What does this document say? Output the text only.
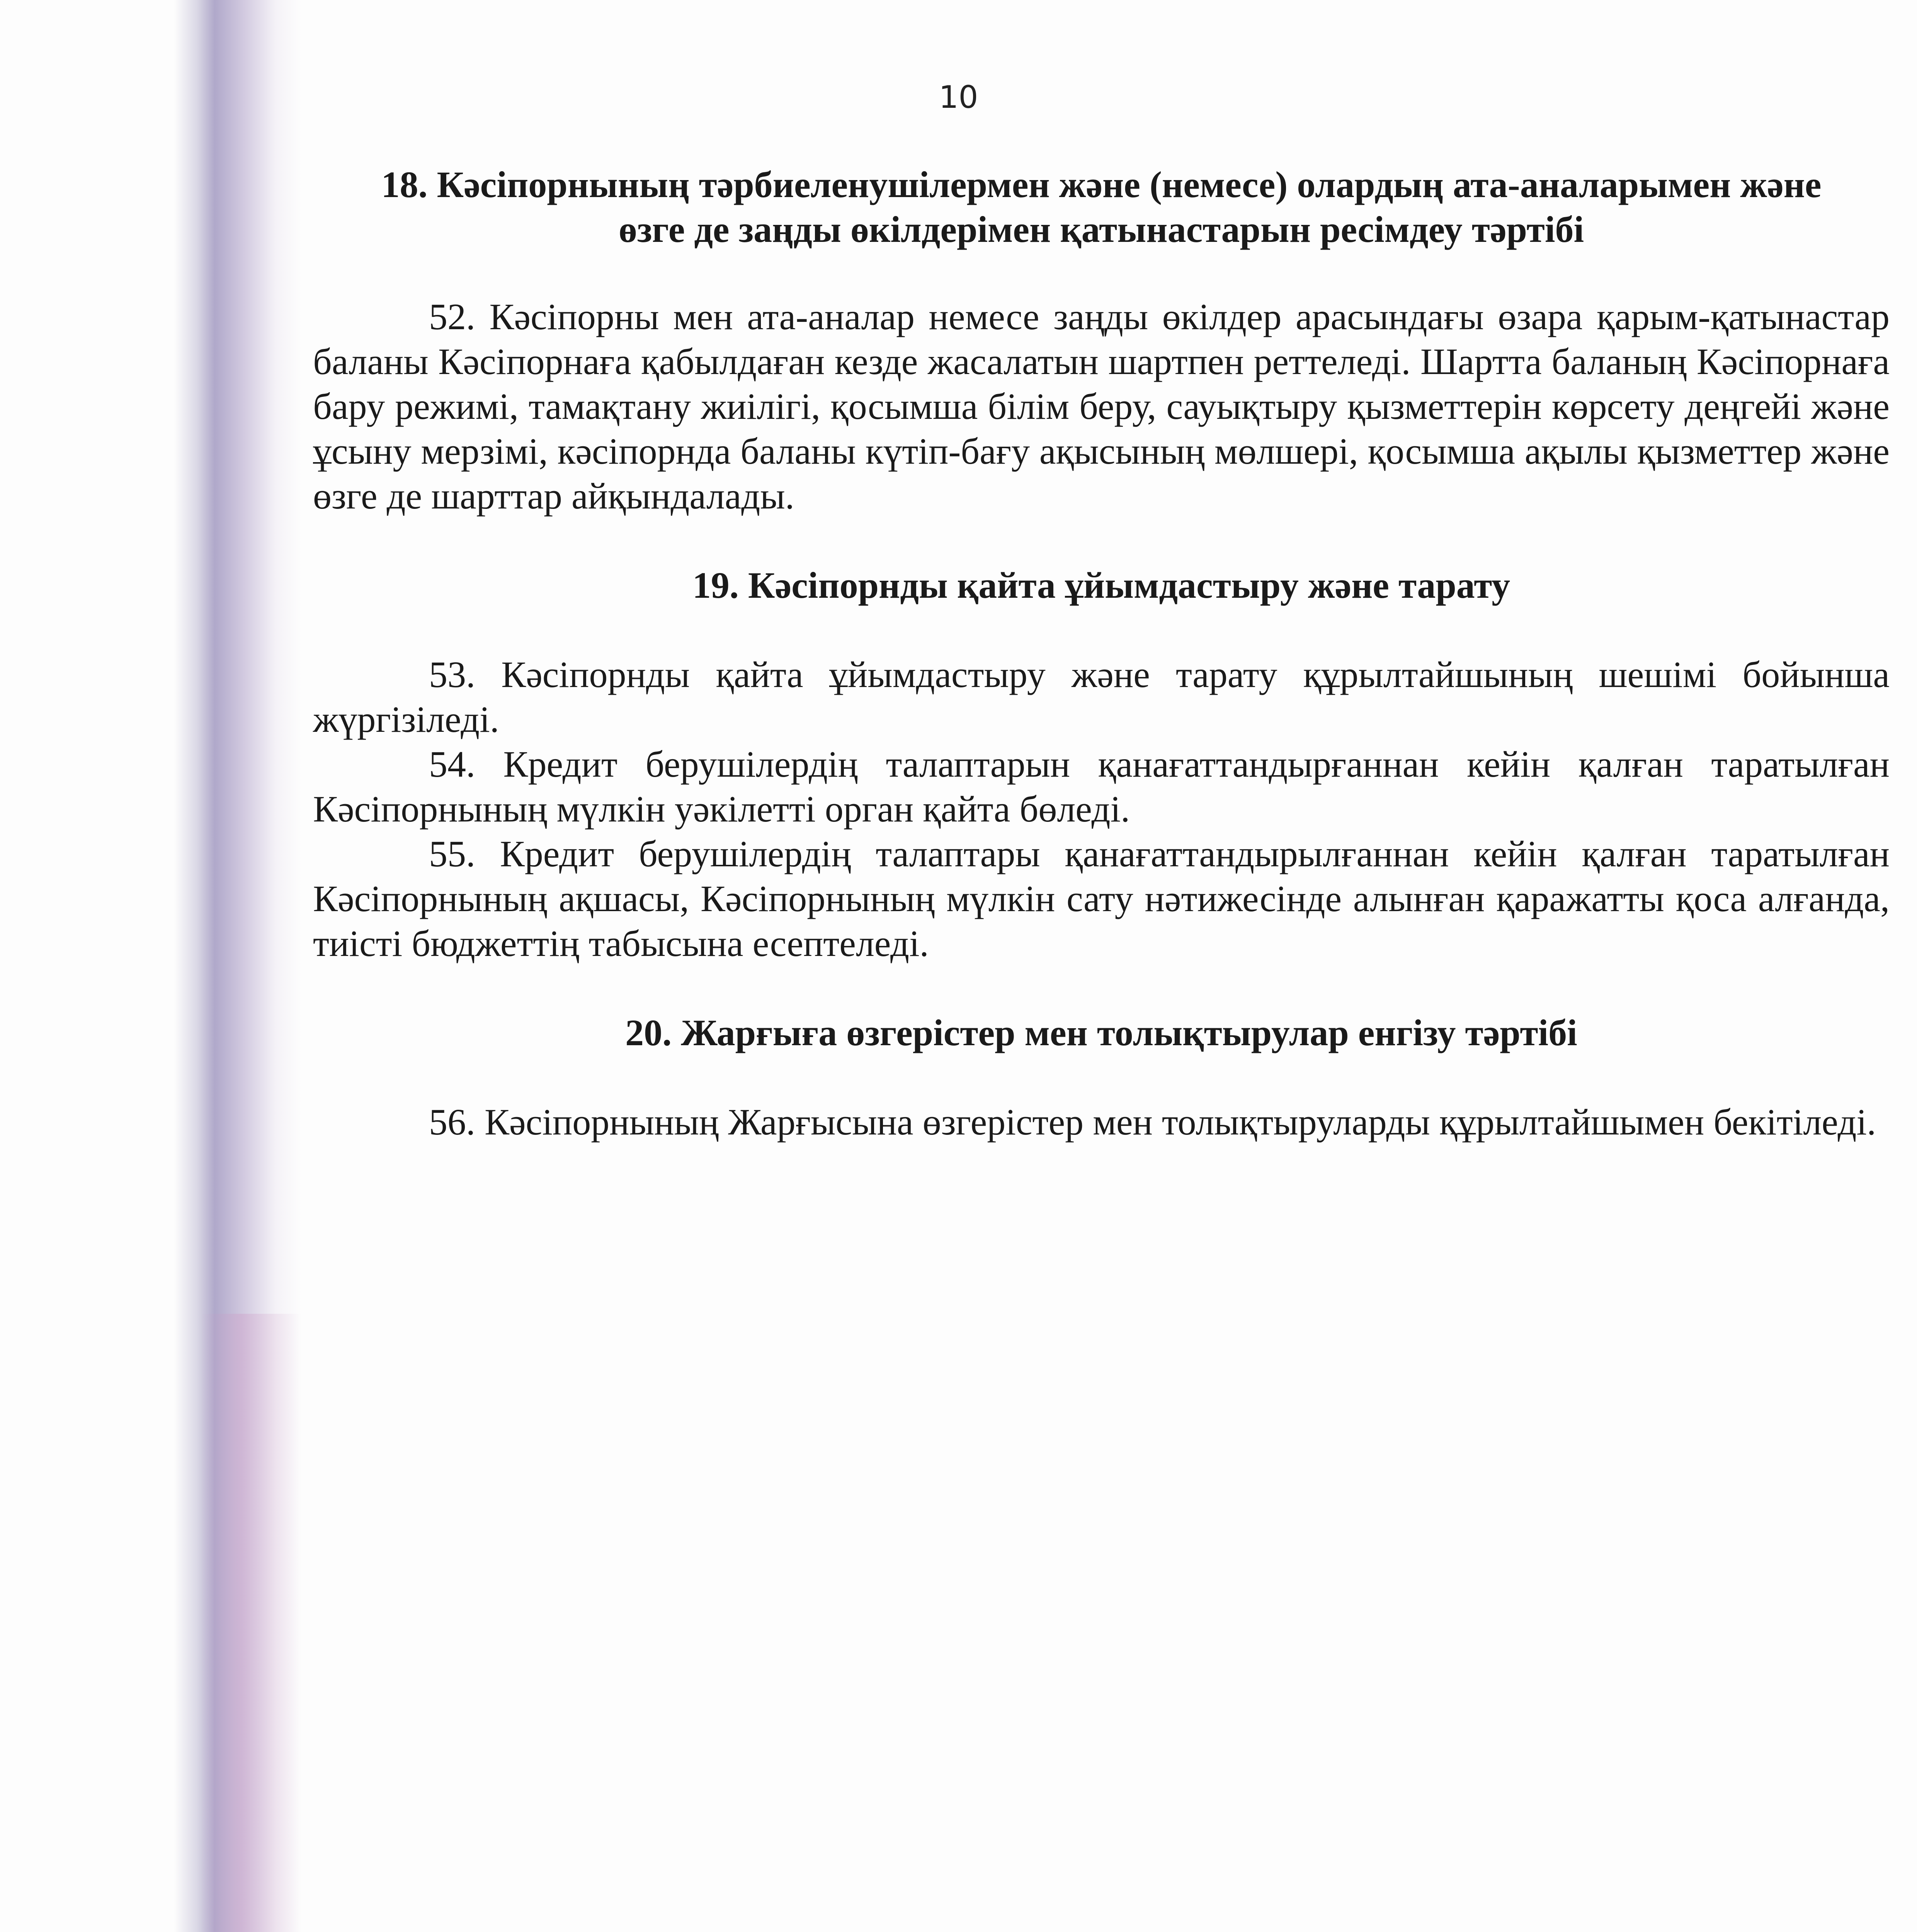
10

18. Кәсіпорнының тәрбиеленушілермен және (немесе) олардың ата-аналарымен және
өзге де заңды өкілдерімен қатынастарын ресімдеу тәртібі

52. Кәсіпорны мен ата-аналар немесе заңды өкілдер арасындағы өзара қарым-қатынастар баланы Кәсіпорнаға қабылдаған кезде жасалатын шартпен реттеледі. Шартта баланың Кәсіпорнаға бару режимі, тамақтану жиілігі, қосымша білім беру, сауықтыру қызметтерін көрсету деңгейі және ұсыну мерзімі, кәсіпорнда баланы күтіп-бағу ақысының мөлшері, қосымша ақылы қызметтер және өзге де шарттар айқындалады.

19. Кәсіпорнды қайта ұйымдастыру және тарату

53. Кәсіпорнды қайта ұйымдастыру және тарату құрылтайшының шешімі бойынша жүргізіледі.

54. Кредит берушілердің талаптарын қанағаттандырғаннан кейін қалған таратылған Кәсіпорнының мүлкін уәкілетті орган қайта бөледі.

55. Кредит берушілердің талаптары қанағаттандырылғаннан кейін қалған таратылған Кәсіпорнының ақшасы, Кәсіпорнының мүлкін сату нәтижесінде алынған қаражатты қоса алғанда, тиісті бюджеттің табысына есептеледі.

20. Жарғыға өзгерістер мен толықтырулар енгізу тәртібі

56. Кәсіпорнының Жарғысына өзгерістер мен толықтыруларды құрылтайшымен бекітіледі.
